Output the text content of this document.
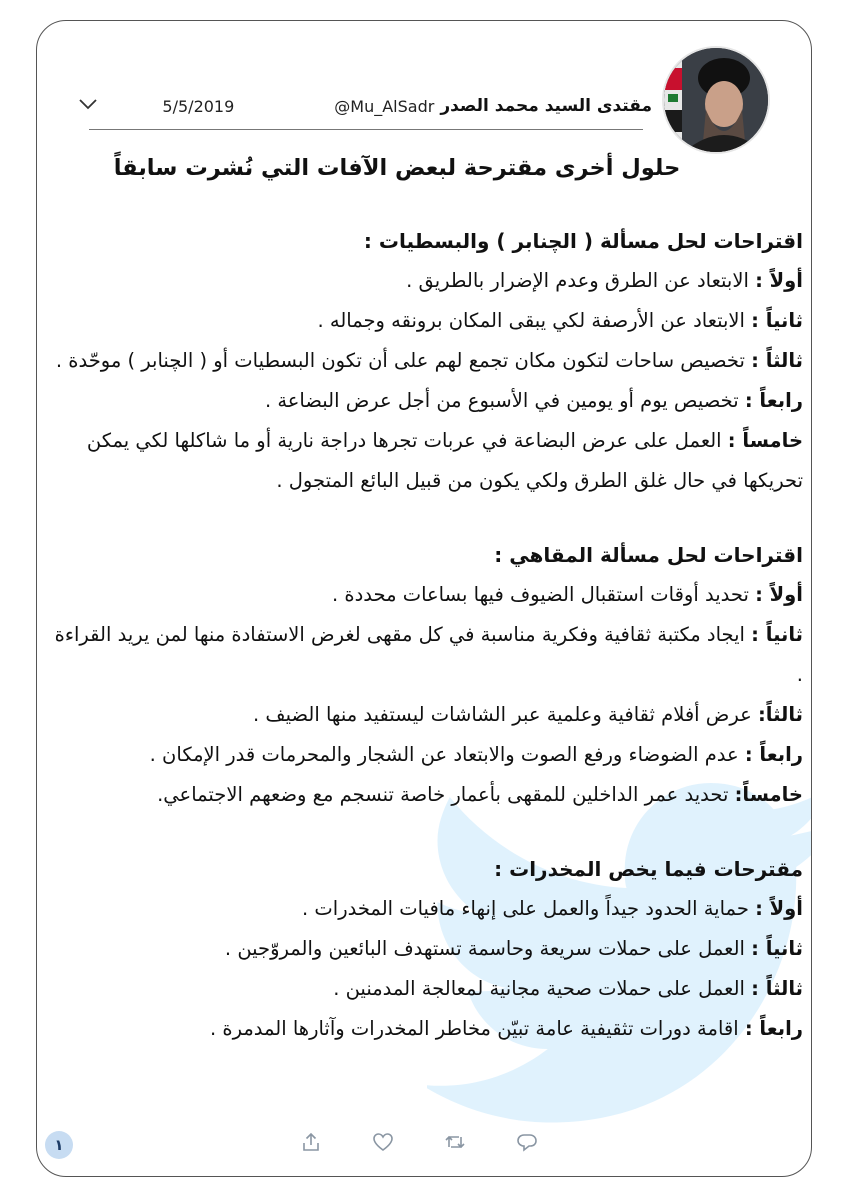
مقتدى السيد محمد الصدر
@Mu_AlSadr
5/5/2019
حلول أخرى مقترحة لبعض الآفات التي نُشرت سابقاً
اقتراحات لحل مسألة ( الچنابر ) والبسطيات :
أولاً : الابتعاد عن الطرق وعدم الإضرار بالطريق .
ثانياً : الابتعاد عن الأرصفة لكي يبقى المكان برونقه وجماله .
ثالثاً : تخصيص ساحات لتكون مكان تجمع لهم على أن تكون البسطيات أو ( الچنابر ) موحّدة .
رابعاً : تخصيص يوم أو يومين في الأسبوع من أجل عرض البضاعة .
خامساً : العمل على عرض البضاعة في عربات تجرها دراجة نارية أو ما شاكلها لكي يمكن تحريكها في حال غلق الطرق ولكي يكون من قبيل البائع المتجول .
اقتراحات لحل مسألة المقاهي :
أولاً : تحديد أوقات استقبال الضيوف فيها بساعات محددة .
ثانياً : ايجاد مكتبة ثقافية وفكرية مناسبة في كل مقهى لغرض الاستفادة منها لمن يريد القراءة .
ثالثاً: عرض أفلام ثقافية وعلمية عبر الشاشات ليستفيد منها الضيف .
رابعاً : عدم الضوضاء ورفع الصوت والابتعاد عن الشجار والمحرمات قدر الإمكان .
خامساً: تحديد عمر الداخلين للمقهى بأعمار خاصة تنسجم مع وضعهم الاجتماعي.
مقترحات فيما يخص المخدرات :
أولاً : حماية الحدود جيداً والعمل على إنهاء مافيات المخدرات .
ثانياً : العمل على حملات سريعة وحاسمة تستهدف البائعين والمروّجين .
ثالثاً : العمل على حملات صحية مجانية لمعالجة المدمنين .
رابعاً : اقامة دورات تثقيفية عامة تبيّن مخاطر المخدرات وآثارها المدمرة .
١
